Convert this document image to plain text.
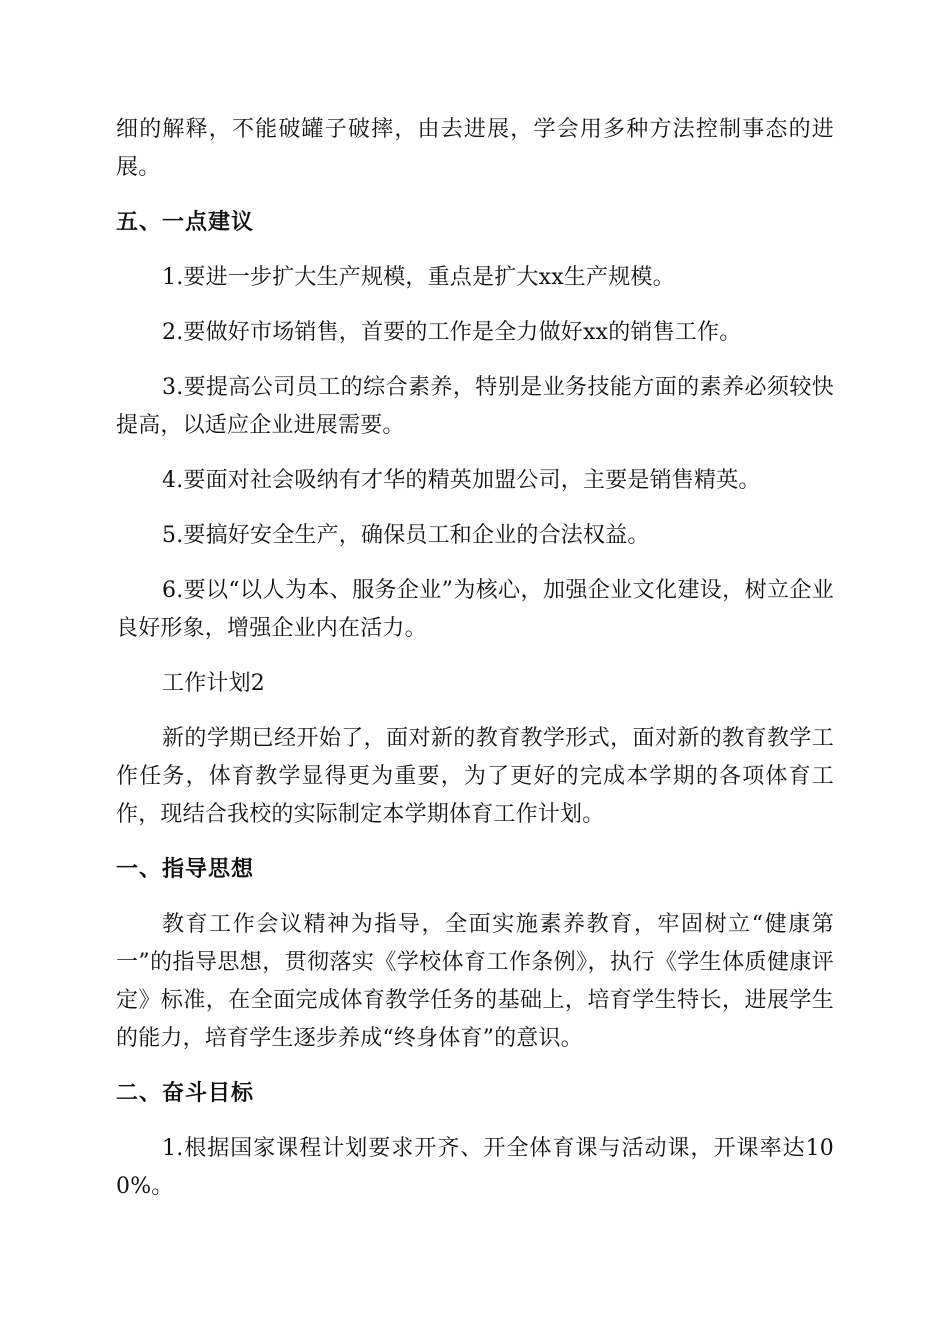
细的解释，不能破罐子破摔，由去进展，学会用多种方法控制事态的进展。

五、一点建议

1.要进一步扩大生产规模，重点是扩大xx生产规模。

2.要做好市场销售，首要的工作是全力做好xx的销售工作。

3.要提高公司员工的综合素养，特别是业务技能方面的素养必须较快提高，以适应企业进展需要。

4.要面对社会吸纳有才华的精英加盟公司，主要是销售精英。

5.要搞好安全生产，确保员工和企业的合法权益。

6.要以“以人为本、服务企业”为核心，加强企业文化建设，树立企业良好形象，增强企业内在活力。

工作计划2

新的学期已经开始了，面对新的教育教学形式，面对新的教育教学工作任务，体育教学显得更为重要，为了更好的完成本学期的各项体育工作，现结合我校的实际制定本学期体育工作计划。

一、指导思想

教育工作会议精神为指导，全面实施素养教育，牢固树立“健康第一”的指导思想，贯彻落实《学校体育工作条例》，执行《学生体质健康评定》标准，在全面完成体育教学任务的基础上，培育学生特长，进展学生的能力，培育学生逐步养成“终身体育”的意识。

二、奋斗目标

1.根据国家课程计划要求开齐、开全体育课与活动课，开课率达100%。
